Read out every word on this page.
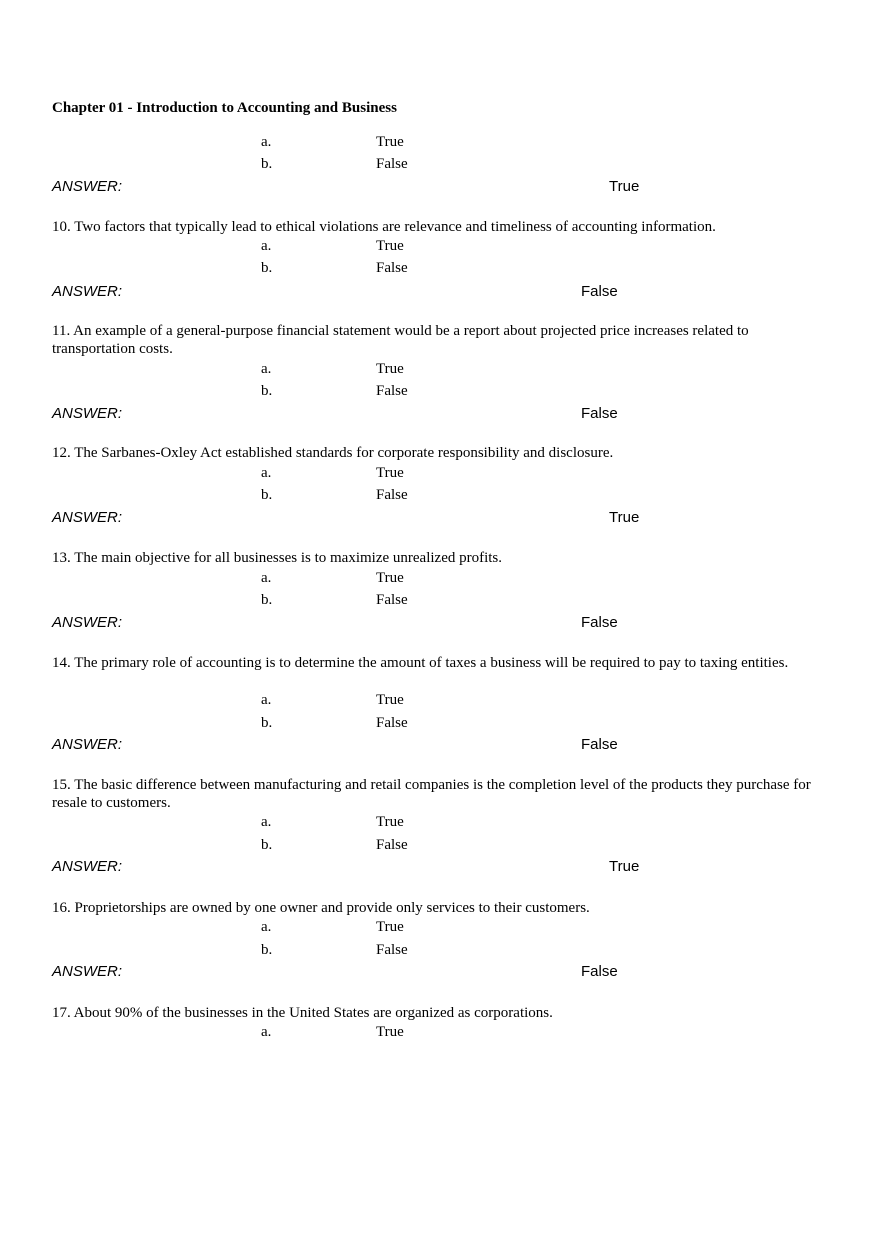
Chapter 01 - Introduction to Accounting and Business
a.	True
b.	False
ANSWER:	True
10. Two factors that typically lead to ethical violations are relevance and timeliness of accounting information.
a.	True
b.	False
ANSWER:	False
11. An example of a general-purpose financial statement would be a report about projected price increases related to transportation costs.
a.	True
b.	False
ANSWER:	False
12. The Sarbanes-Oxley Act established standards for corporate responsibility and disclosure.
a.	True
b.	False
ANSWER:	True
13. The main objective for all businesses is to maximize unrealized profits.
a.	True
b.	False
ANSWER:	False
14. The primary role of accounting is to determine the amount of taxes a business will be required to pay to taxing entities.
a.	True
b.	False
ANSWER:	False
15. The basic difference between manufacturing and retail companies is the completion level of the products they purchase for resale to customers.
a.	True
b.	False
ANSWER:	True
16. Proprietorships are owned by one owner and provide only services to their customers.
a.	True
b.	False
ANSWER:	False
17. About 90% of the businesses in the United States are organized as corporations.
a.	True
